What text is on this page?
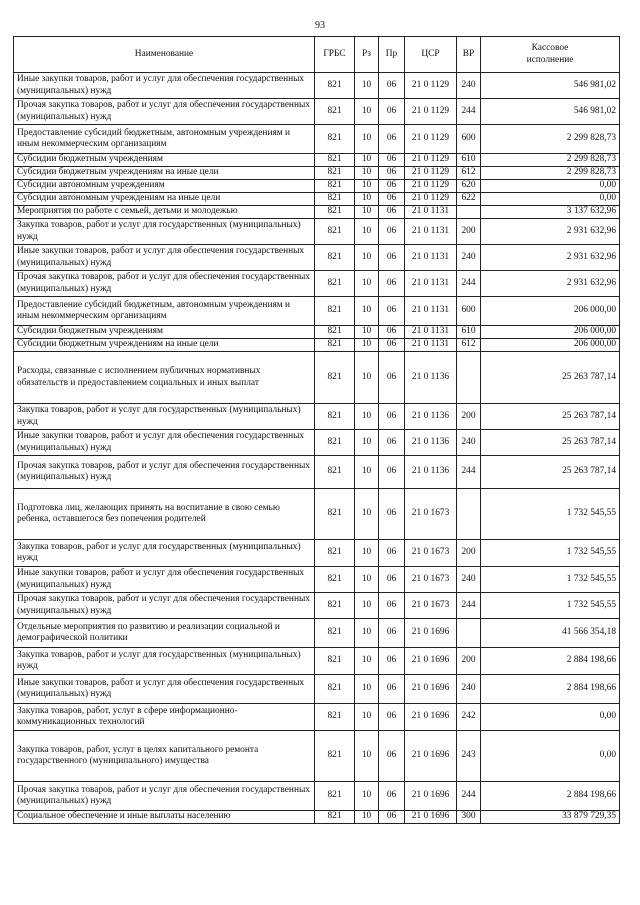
93
Наименование	ГРБС	Рз	Пр	ЦСР	ВР	Кассовое исполнение
Иные закупки товаров, работ и услуг для обеспечения государственных (муниципальных) нужд	821	10	06	21 0 1129	240	546 981,02
Прочая закупка товаров, работ и услуг для обеспечения государственных (муниципальных) нужд	821	10	06	21 0 1129	244	546 981,02
Предоставление субсидий бюджетным, автономным учреждениям и иным некоммерческим организациям	821	10	06	21 0 1129	600	2 299 828,73
Субсидии бюджетным учреждениям	821	10	06	21 0 1129	610	2 299 828,73
Субсидии бюджетным учреждениям на иные цели	821	10	06	21 0 1129	612	2 299 828,73
Субсидии автономным учреждениям	821	10	06	21 0 1129	620	0,00
Субсидии автономным учреждениям на иные цели	821	10	06	21 0 1129	622	0,00
Мероприятия по работе с семьей, детьми и молодежью	821	10	06	21 0 1131		3 137 632,96
Закупка товаров, работ и услуг для государственных (муниципальных) нужд	821	10	06	21 0 1131	200	2 931 632,96
Иные закупки товаров, работ и услуг для обеспечения государственных (муниципальных) нужд	821	10	06	21 0 1131	240	2 931 632,96
Прочая закупка товаров, работ и услуг для обеспечения государственных (муниципальных) нужд	821	10	06	21 0 1131	244	2 931 632,96
Предоставление субсидий бюджетным, автономным учреждениям и иным некоммерческим организациям	821	10	06	21 0 1131	600	206 000,00
Субсидии бюджетным учреждениям	821	10	06	21 0 1131	610	206 000,00
Субсидии бюджетным учреждениям на иные цели	821	10	06	21 0 1131	612	206 000,00
Расходы, связанные с исполнением публичных нормативных обязательств и предоставлением социальных и иных выплат	821	10	06	21 0 1136		25 263 787,14
Закупка товаров, работ и услуг для государственных (муниципальных) нужд	821	10	06	21 0 1136	200	25 263 787,14
Иные закупки товаров, работ и услуг для обеспечения государственных (муниципальных) нужд	821	10	06	21 0 1136	240	25 263 787,14
Прочая закупка товаров, работ и услуг для обеспечения государственных (муниципальных) нужд	821	10	06	21 0 1136	244	25 263 787,14
Подготовка лиц, желающих принять на воспитание в свою семью ребенка, оставшегося без попечения родителей	821	10	06	21 0 1673		1 732 545,55
Закупка товаров, работ и услуг для государственных (муниципальных) нужд	821	10	06	21 0 1673	200	1 732 545,55
Иные закупки товаров, работ и услуг для обеспечения государственных (муниципальных) нужд	821	10	06	21 0 1673	240	1 732 545,55
Прочая закупка товаров, работ и услуг для обеспечения государственных (муниципальных) нужд	821	10	06	21 0 1673	244	1 732 545,55
Отдельные мероприятия по развитию и реализации социальной и демографической политики	821	10	06	21 0 1696		41 566 354,18
Закупка товаров, работ и услуг для государственных (муниципальных) нужд	821	10	06	21 0 1696	200	2 884 198,66
Иные закупки товаров, работ и услуг для обеспечения государственных (муниципальных) нужд	821	10	06	21 0 1696	240	2 884 198,66
Закупка товаров, работ, услуг в сфере информационно-коммуникационных технологий	821	10	06	21 0 1696	242	0,00
Закупка товаров, работ, услуг в целях капитального ремонта государственного (муниципального) имущества	821	10	06	21 0 1696	243	0,00
Прочая закупка товаров, работ и услуг для обеспечения государственных (муниципальных) нужд	821	10	06	21 0 1696	244	2 884 198,66
Социальное обеспечение и иные выплаты населению	821	10	06	21 0 1696	300	33 879 729,35
